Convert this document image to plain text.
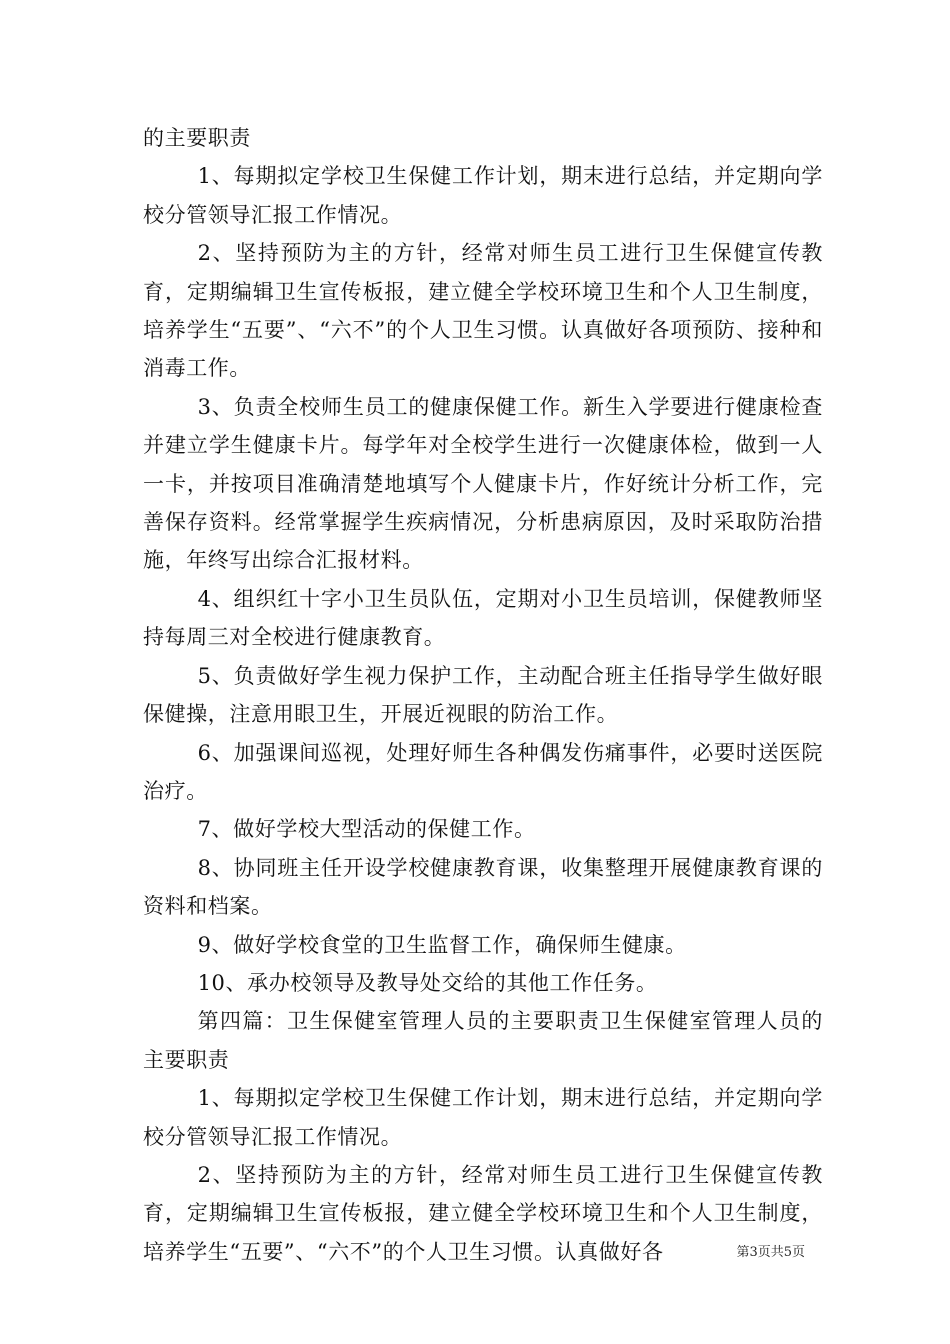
的主要职责

1、每期拟定学校卫生保健工作计划，期末进行总结，并定期向学校分管领导汇报工作情况。

2、坚持预防为主的方针，经常对师生员工进行卫生保健宣传教育，定期编辑卫生宣传板报，建立健全学校环境卫生和个人卫生制度，培养学生“五要”、“六不”的个人卫生习惯。认真做好各项预防、接种和消毒工作。

3、负责全校师生员工的健康保健工作。新生入学要进行健康检查并建立学生健康卡片。每学年对全校学生进行一次健康体检，做到一人一卡，并按项目准确清楚地填写个人健康卡片，作好统计分析工作，完善保存资料。经常掌握学生疾病情况，分析患病原因，及时采取防治措施，年终写出综合汇报材料。

4、组织红十字小卫生员队伍，定期对小卫生员培训，保健教师坚持每周三对全校进行健康教育。

5、负责做好学生视力保护工作，主动配合班主任指导学生做好眼保健操，注意用眼卫生，开展近视眼的防治工作。

6、加强课间巡视，处理好师生各种偶发伤痛事件，必要时送医院治疗。

7、做好学校大型活动的保健工作。

8、协同班主任开设学校健康教育课，收集整理开展健康教育课的资料和档案。

9、做好学校食堂的卫生监督工作，确保师生健康。

10、承办校领导及教导处交给的其他工作任务。

第四篇：卫生保健室管理人员的主要职责卫生保健室管理人员的主要职责

1、每期拟定学校卫生保健工作计划，期末进行总结，并定期向学校分管领导汇报工作情况。

2、坚持预防为主的方针，经常对师生员工进行卫生保健宣传教育，定期编辑卫生宣传板报，建立健全学校环境卫生和个人卫生制度，培养学生“五要”、“六不”的个人卫生习惯。认真做好各	第3页共5页
